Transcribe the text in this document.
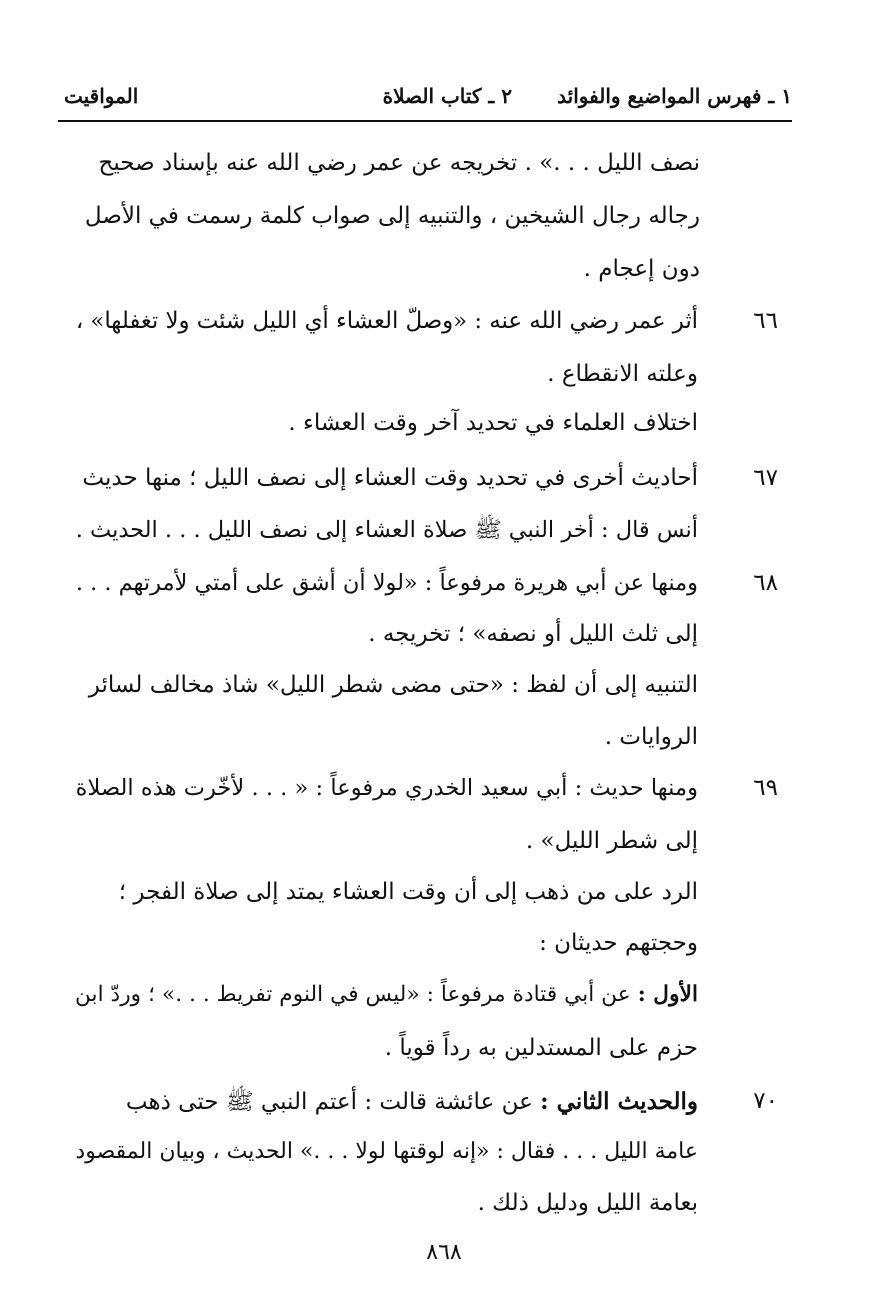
١ ـ فهرس المواضيع والفوائد
٢ ـ كتاب الصلاة
المواقيت
نصف الليل . . .» . تخريجه عن عمر رضي الله عنه بإسناد صحيح
رجاله رجال الشيخين ، والتنبيه إلى صواب كلمة رسمت في الأصل
دون إعجام .
٦٦
أثر عمر رضي الله عنه : «وصلّ العشاء أي الليل شئت ولا تغفلها» ،
وعلته الانقطاع .
اختلاف العلماء في تحديد آخر وقت العشاء .
٦٧
أحاديث أخرى في تحديد وقت العشاء إلى نصف الليل ؛ منها حديث
أنس قال : أخر النبي ﷺ صلاة العشاء إلى نصف الليل . . . الحديث .
٦٨
ومنها عن أبي هريرة مرفوعاً : «لولا أن أشق على أمتي لأمرتهم . . .
إلى ثلث الليل أو نصفه» ؛ تخريجه .
التنبيه إلى أن لفظ : «حتى مضى شطر الليل» شاذ مخالف لسائر
الروايات .
٦٩
ومنها حديث : أبي سعيد الخدري مرفوعاً : « . . . لأخّرت هذه الصلاة
إلى شطر الليل» .
الرد على من ذهب إلى أن وقت العشاء يمتد إلى صلاة الفجر ؛
وحجتهم حديثان :
الأول : عن أبي قتادة مرفوعاً : «ليس في النوم تفريط . . .» ؛ وردّ ابن
حزم على المستدلين به رداً قوياً .
٧٠
والحديث الثاني : عن عائشة قالت : أعتم النبي ﷺ حتى ذهب
عامة الليل . . . فقال : «إنه لوقتها لولا . . .» الحديث ، وبيان المقصود
بعامة الليل ودليل ذلك .
٨٦٨
